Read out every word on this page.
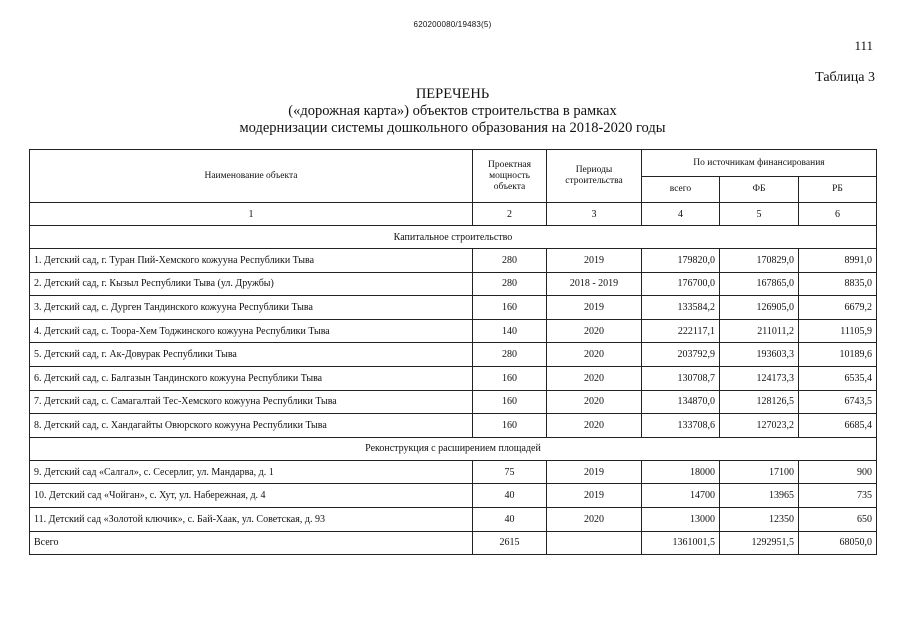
620200080/19483(5)
111
Таблица 3
ПЕРЕЧЕНЬ
(«дорожная карта») объектов строительства в рамках
модернизации системы дошкольного образования на 2018-2020 годы
Наименование объекта	Проектная мощность объекта	Периоды строительства	По источникам финансирования		
			всего	ФБ	РБ
1	2	3	4	5	6
Капитальное строительство					
1. Детский сад, г. Туран Пий-Хемского кожууна Республики Тыва	280	2019	179820,0	170829,0	8991,0
2. Детский сад, г. Кызыл Республики Тыва (ул. Дружбы)	280	2018 - 2019	176700,0	167865,0	8835,0
3. Детский сад, с. Дурген Тандинского кожууна Республики Тыва	160	2019	133584,2	126905,0	6679,2
4. Детский сад, с. Тоора-Хем Тоджинского кожууна Республики Тыва	140	2020	222117,1	211011,2	11105,9
5. Детский сад, г. Ак-Довурак Республики Тыва	280	2020	203792,9	193603,3	10189,6
6. Детский сад, с. Балгазын Тандинского кожууна Республики Тыва	160	2020	130708,7	124173,3	6535,4
7. Детский сад, с. Самагалтай Тес-Хемского кожууна Республики Тыва	160	2020	134870,0	128126,5	6743,5
8. Детский сад, с. Хандагайты Овюрского кожууна Республики Тыва	160	2020	133708,6	127023,2	6685,4
Реконструкция с расширением площадей					
9. Детский сад «Салгал», с. Сесерлиг, ул. Мандарва, д. 1	75	2019	18000	17100	900
10. Детский сад «Чойган», с. Хут, ул. Набережная, д. 4	40	2019	14700	13965	735
11. Детский сад «Золотой ключик», с. Бай-Хаак, ул. Советская, д. 93	40	2020	13000	12350	650
Всего	2615		1361001,5	1292951,5	68050,0
